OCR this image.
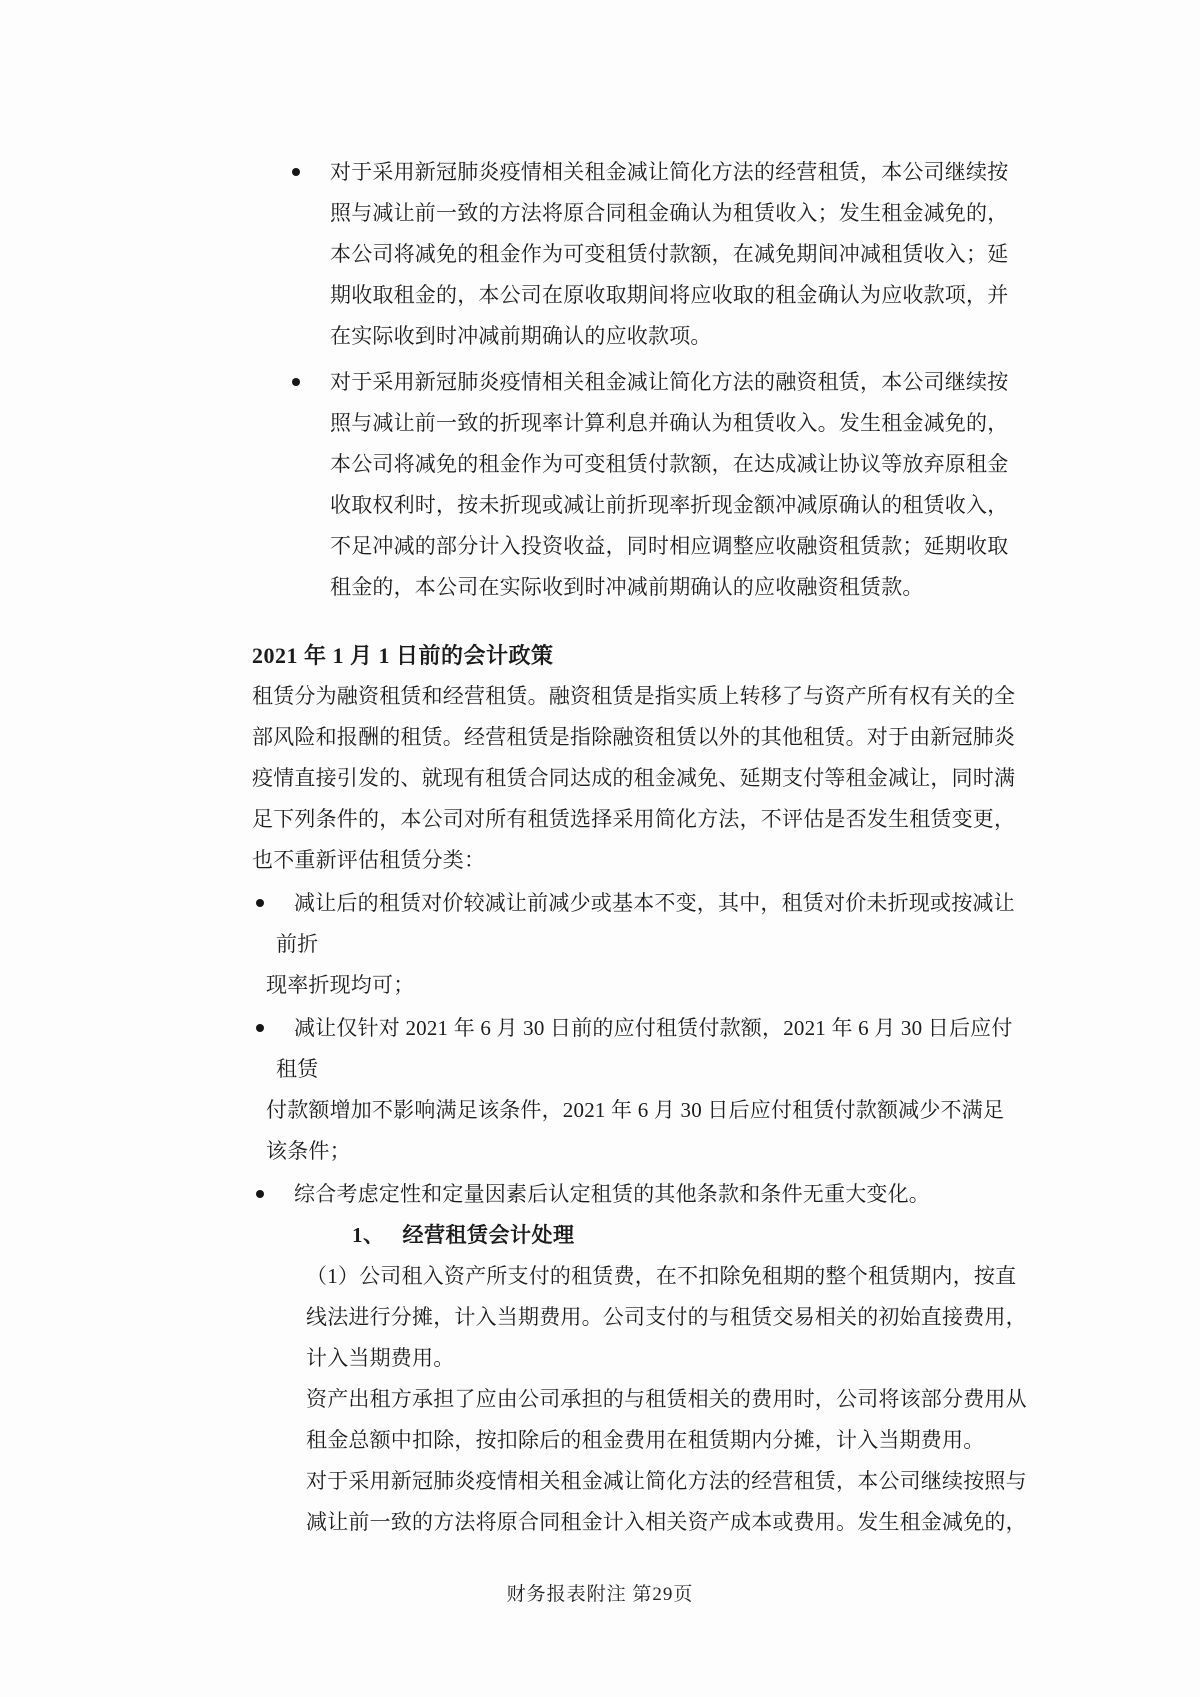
对于采用新冠肺炎疫情相关租金减让简化方法的经营租赁，本公司继续按
照与减让前一致的方法将原合同租金确认为租赁收入；发生租金减免的，
本公司将减免的租金作为可变租赁付款额，在减免期间冲减租赁收入；延
期收取租金的，本公司在原收取期间将应收取的租金确认为应收款项，并
在实际收到时冲减前期确认的应收款项。
对于采用新冠肺炎疫情相关租金减让简化方法的融资租赁，本公司继续按
照与减让前一致的折现率计算利息并确认为租赁收入。发生租金减免的，
本公司将减免的租金作为可变租赁付款额，在达成减让协议等放弃原租金
收取权利时，按未折现或减让前折现率折现金额冲减原确认的租赁收入，
不足冲减的部分计入投资收益，同时相应调整应收融资租赁款；延期收取
租金的，本公司在实际收到时冲减前期确认的应收融资租赁款。
2021 年 1 月 1 日前的会计政策
租赁分为融资租赁和经营租赁。融资租赁是指实质上转移了与资产所有权有关的全
部风险和报酬的租赁。经营租赁是指除融资租赁以外的其他租赁。对于由新冠肺炎
疫情直接引发的、就现有租赁合同达成的租金减免、延期支付等租金减让，同时满
足下列条件的，本公司对所有租赁选择采用简化方法，不评估是否发生租赁变更，
也不重新评估租赁分类：
减让后的租赁对价较减让前减少或基本不变，其中，租赁对价未折现或按减让
前折
现率折现均可；
减让仅针对 2021 年 6 月 30 日前的应付租赁付款额，2021 年 6 月 30 日后应付
租赁
付款额增加不影响满足该条件，2021 年 6 月 30 日后应付租赁付款额减少不满足
该条件；
综合考虑定性和定量因素后认定租赁的其他条款和条件无重大变化。
1、 经营租赁会计处理
（1）公司租入资产所支付的租赁费，在不扣除免租期的整个租赁期内，按直
线法进行分摊，计入当期费用。公司支付的与租赁交易相关的初始直接费用，
计入当期费用。
资产出租方承担了应由公司承担的与租赁相关的费用时，公司将该部分费用从
租金总额中扣除，按扣除后的租金费用在租赁期内分摊，计入当期费用。
对于采用新冠肺炎疫情相关租金减让简化方法的经营租赁，本公司继续按照与
减让前一致的方法将原合同租金计入相关资产成本或费用。发生租金减免的，
财务报表附注 第29页
